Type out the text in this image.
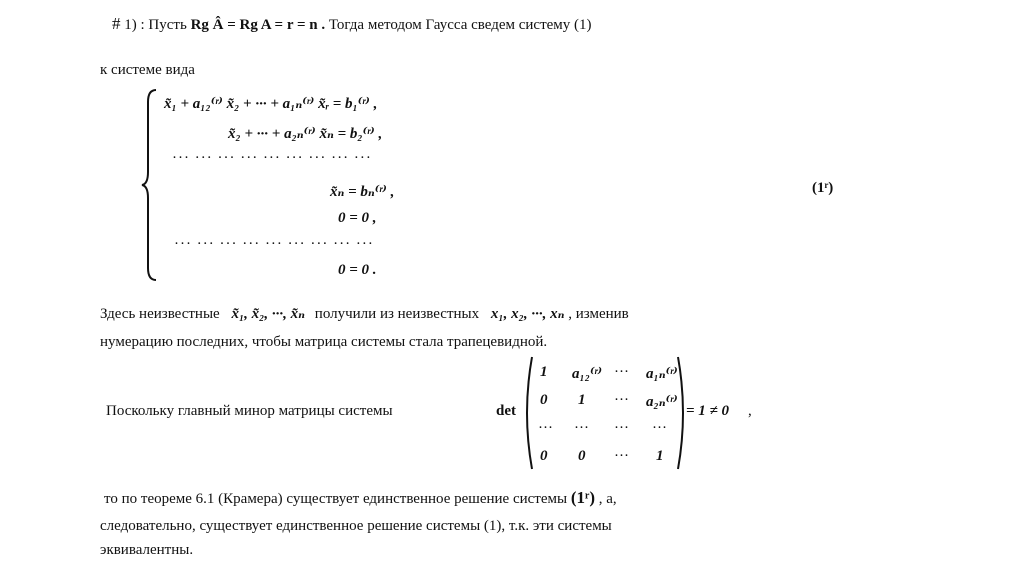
# 1) : Пусть Rg Â = Rg A = r = n . Тогда методом Гаусса сведем систему (1)
к системе вида
x̃₁ + a₁₂⁽ʳ⁾ x̃₂ + ··· + a₁ₙ⁽ʳ⁾ x̃ᵣ = b₁⁽ʳ⁾ ,
x̃₂ + ··· + a₂ₙ⁽ʳ⁾ x̃ₙ = b₂⁽ʳ⁾ ,
··· ··· ··· ··· ··· ··· ··· ··· ···
x̃ₙ = bₙ⁽ʳ⁾ ,
0 = 0 ,
··· ··· ··· ··· ··· ··· ··· ··· ···
0 = 0 .
(1ʳ)
Здесь неизвестные x̃₁, x̃₂, ···, x̃ₙ получили из неизвестных x₁, x₂, ···, xₙ , изменив
нумерацию последних, чтобы матрица системы стала трапецевидной.
Поскольку главный минор матрицы системы	det
1 a₁₂⁽ʳ⁾ ··· a₁ₙ⁽ʳ⁾
0 1 ··· a₂ₙ⁽ʳ⁾
··· ··· ··· ···
0 0 ··· 1
= 1 ≠ 0 ,
то по теореме 6.1 (Крамера) существует единственное решение системы (1ʳ) , а,
следовательно, существует единственное решение системы (1), т.к. эти системы
эквивалентны.
